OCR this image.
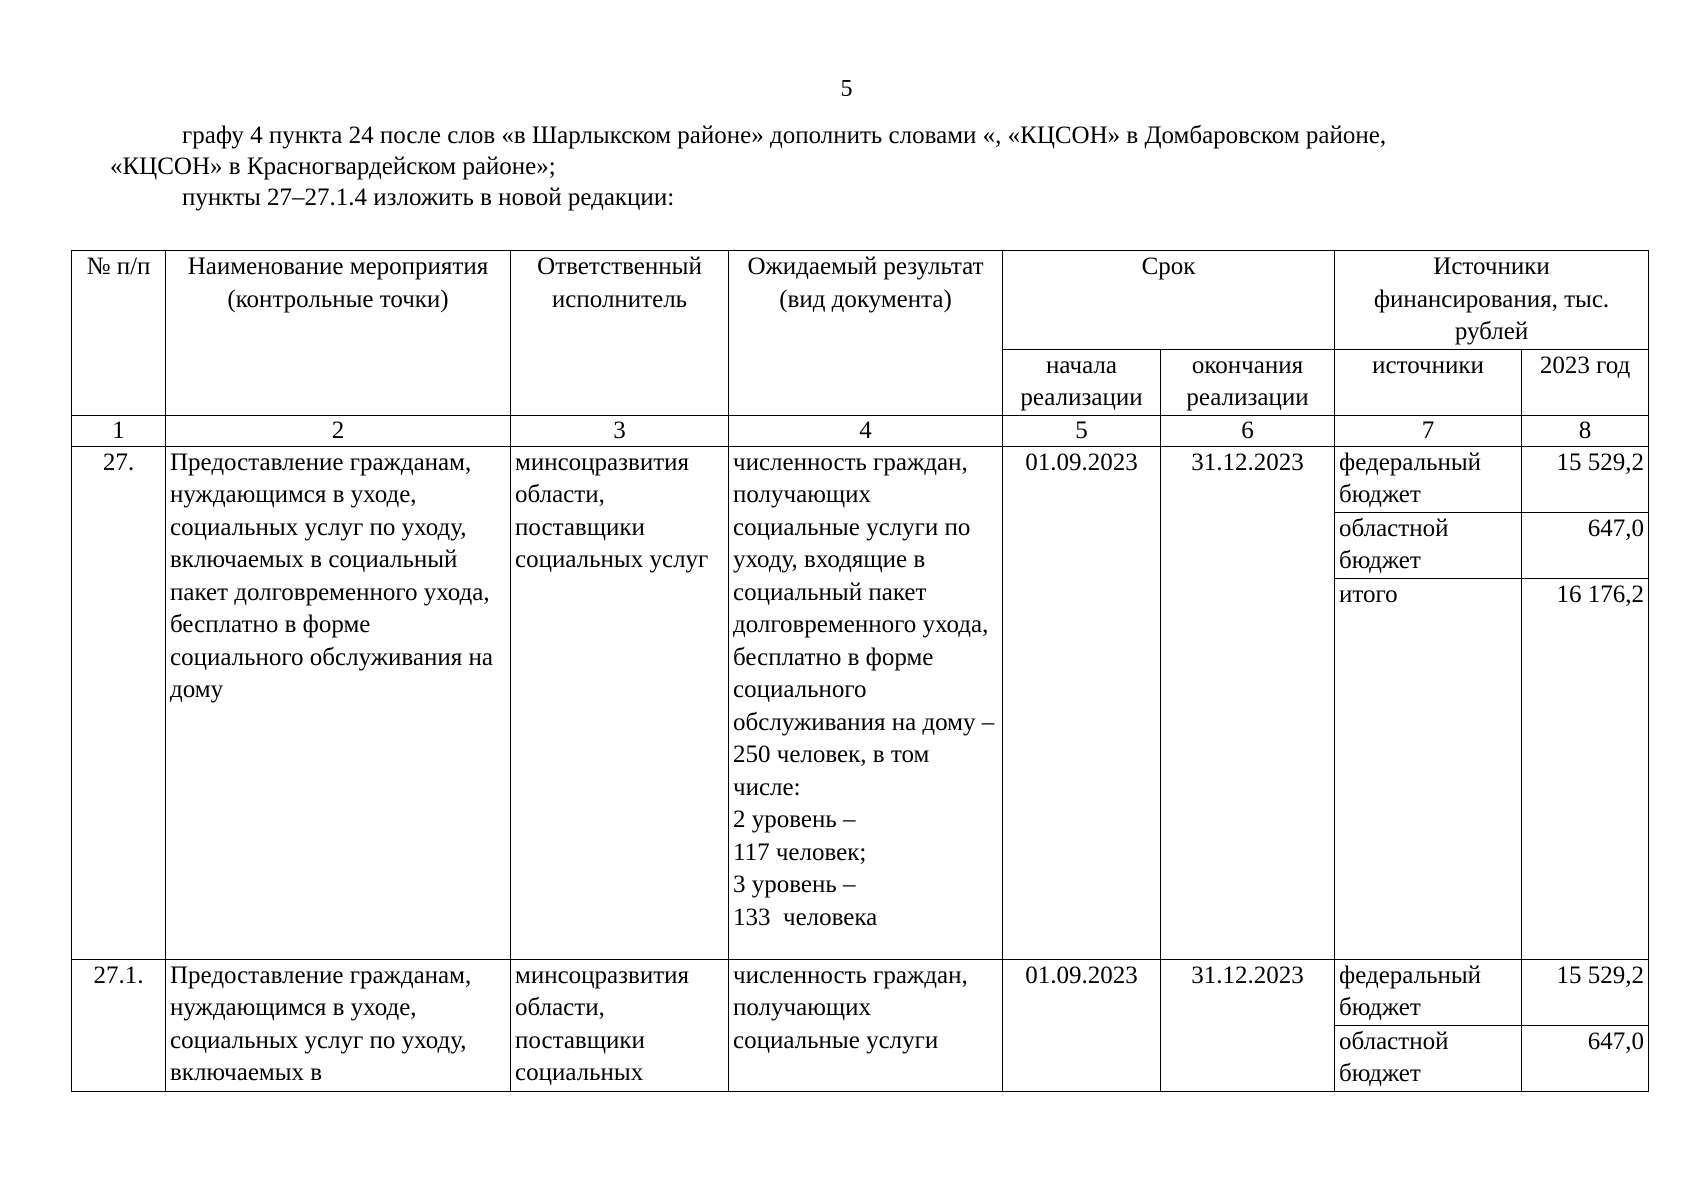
5

графу 4 пункта 24 после слов «в Шарлыкском районе» дополнить словами «, «КЦСОН» в Домбаровском районе,

«КЦСОН» в Красногвардейском районе»;

пункты 27–27.1.4 изложить в новой редакции:

№ п/п	Наименование мероприятия (контрольные точки)	Ответственный исполнитель	Ожидаемый результат (вид документа)	Срок		Источники финансирования, тыс. рублей	
				начала реализации	окончания реализации	источники	2023 год
1	2	3	4	5	6	7	8
27.	Предоставление гражданам, нуждающимся в уходе, социальных услуг по уходу, включаемых в социальный пакет долговременного ухода, бесплатно в форме социального обслуживания на дому	минсоцразвития области, поставщики социальных услуг	численность граждан, получающих социальные услуги по уходу, входящие в социальный пакет долговременного ухода, бесплатно в форме социального обслуживания на дому – 250 человек, в том числе:
2 уровень –
117 человек;
3 уровень –
133  человека	01.09.2023	31.12.2023	федеральный бюджет	15 529,2
						областной бюджет	647,0
						итого	16 176,2
27.1.	Предоставление гражданам, нуждающимся в уходе, социальных услуг по уходу, включаемых в	минсоцразвития области, поставщики социальных	численность граждан, получающих социальные услуги	01.09.2023	31.12.2023	федеральный бюджет	15 529,2
						областной бюджет	647,0
